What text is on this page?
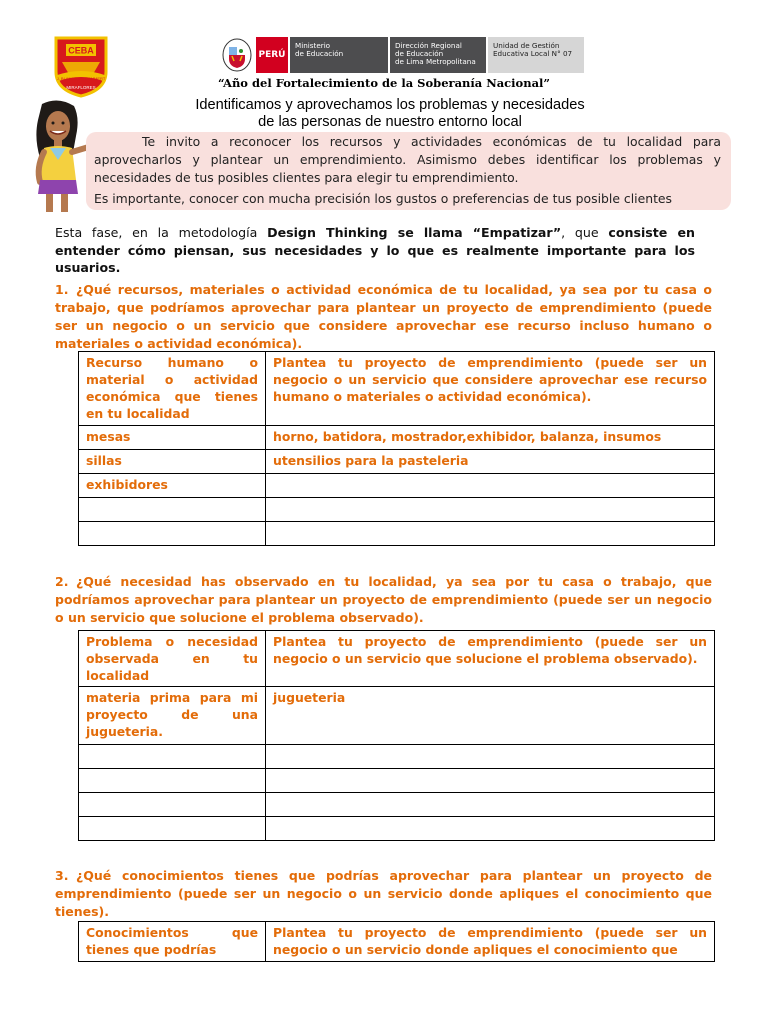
CEBA
J. BLANCO DE DAMMERT
MIRAFLORES
PERÚ
Ministerio
de Educación
Dirección Regional
de Educación
de Lima Metropolitana
Unidad de Gestión
Educativa Local N° 07
“Año del Fortalecimiento de la Soberanía Nacional”
Identificamos y aprovechamos los problemas y necesidades
de las personas de nuestro entorno local
Te invito a reconocer los recursos y actividades económicas de tu localidad para aprovecharlos y plantear un emprendimiento. Asimismo debes identificar los problemas y necesidades de tus posibles clientes para elegir tu emprendimiento.
Es importante, conocer con mucha precisión los gustos o preferencias de tus posible clientes
Esta fase, en la metodología Design Thinking se llama “Empatizar”, que consiste en entender cómo piensan, sus necesidades y lo que es realmente importante para los usuarios.
1. ¿Qué recursos, materiales o actividad económica de tu localidad, ya sea por tu casa o trabajo, que podríamos aprovechar para plantear un proyecto de emprendimiento (puede ser un negocio o un servicio que considere aprovechar ese recurso incluso humano o materiales o actividad económica).
Recurso humano o material o actividad económica que tienes en tu localidad	Plantea tu proyecto de emprendimiento (puede ser un negocio o un servicio que considere aprovechar ese recurso humano o materiales o actividad económica).
mesas	horno, batidora, mostrador,exhibidor, balanza, insumos
sillas	utensilios para la pasteleria
exhibidores	

2. ¿Qué necesidad has observado en tu localidad, ya sea por tu casa o trabajo, que podríamos aprovechar para plantear un proyecto de emprendimiento (puede ser un negocio o un servicio que solucione el problema observado).
Problema o necesidad observada en tu localidad	Plantea tu proyecto de emprendimiento (puede ser un negocio o un servicio que solucione el problema observado).
materia prima para mi proyecto de una jugueteria.	jugueteria

3. ¿Qué conocimientos tienes que podrías aprovechar para plantear un proyecto de emprendimiento (puede ser un negocio o un servicio donde apliques el conocimiento que tienes).
Conocimientos que tienes que podrías	Plantea tu proyecto de emprendimiento (puede ser un negocio o un servicio donde apliques el conocimiento que
